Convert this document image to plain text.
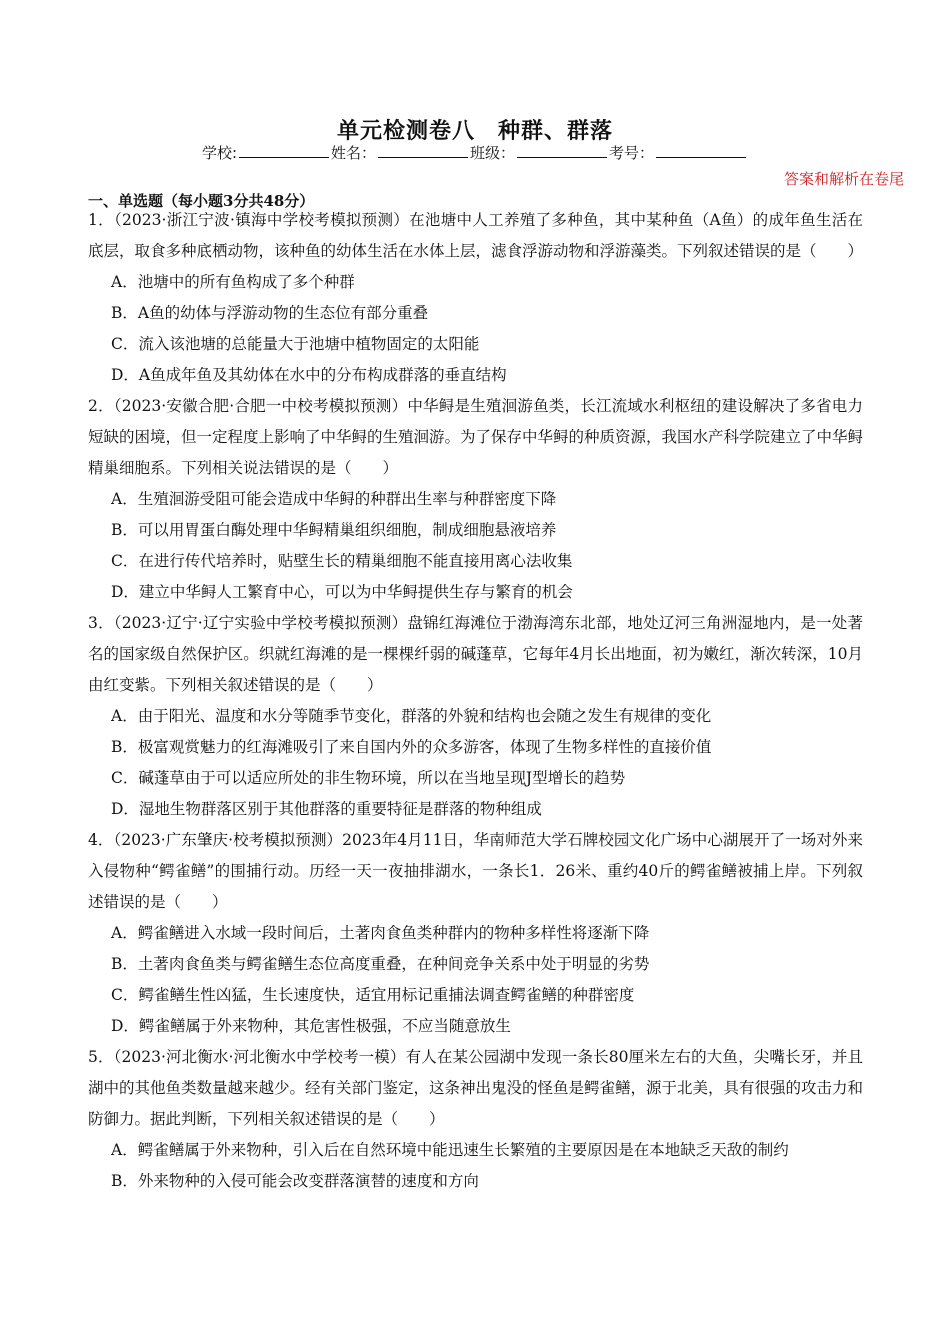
单元检测卷八　种群、群落
学校:	姓名：	班级：	考号：
答案和解析在卷尾
一、单选题（每小题3分共48分）

1．（2023·浙江宁波·镇海中学校考模拟预测）在池塘中人工养殖了多种鱼，其中某种鱼（A鱼）的成年鱼生活在底层，取食多种底栖动物，该种鱼的幼体生活在水体上层，滤食浮游动物和浮游藻类。下列叙述错误的是（　　）

A．池塘中的所有鱼构成了多个种群

B．A鱼的幼体与浮游动物的生态位有部分重叠

C．流入该池塘的总能量大于池塘中植物固定的太阳能

D．A鱼成年鱼及其幼体在水中的分布构成群落的垂直结构

2．（2023·安徽合肥·合肥一中校考模拟预测）中华鲟是生殖洄游鱼类，长江流域水利枢纽的建设解决了多省电力短缺的困境，但一定程度上影响了中华鲟的生殖洄游。为了保存中华鲟的种质资源，我国水产科学院建立了中华鲟精巢细胞系。下列相关说法错误的是（　　）

A．生殖洄游受阻可能会造成中华鲟的种群出生率与种群密度下降

B．可以用胃蛋白酶处理中华鲟精巢组织细胞，制成细胞悬液培养

C．在进行传代培养时，贴壁生长的精巢细胞不能直接用离心法收集

D．建立中华鲟人工繁育中心，可以为中华鲟提供生存与繁育的机会

3．（2023·辽宁·辽宁实验中学校考模拟预测）盘锦红海滩位于渤海湾东北部，地处辽河三角洲湿地内，是一处著名的国家级自然保护区。织就红海滩的是一棵棵纤弱的碱蓬草，它每年4月长出地面，初为嫩红，渐次转深，10月由红变紫。下列相关叙述错误的是（　　）

A．由于阳光、温度和水分等随季节变化，群落的外貌和结构也会随之发生有规律的变化

B．极富观赏魅力的红海滩吸引了来自国内外的众多游客，体现了生物多样性的直接价值

C．碱蓬草由于可以适应所处的非生物环境，所以在当地呈现J型增长的趋势

D．湿地生物群落区别于其他群落的重要特征是群落的物种组成

4．（2023·广东肇庆·校考模拟预测）2023年4月11日，华南师范大学石牌校园文化广场中心湖展开了一场对外来入侵物种“鳄雀鳝”的围捕行动。历经一天一夜抽排湖水，一条长1．26米、重约40斤的鳄雀鳝被捕上岸。下列叙述错误的是（　　）

A．鳄雀鳝进入水域一段时间后，土著肉食鱼类种群内的物种多样性将逐渐下降

B．土著肉食鱼类与鳄雀鳝生态位高度重叠，在种间竞争关系中处于明显的劣势

C．鳄雀鳝生性凶猛，生长速度快，适宜用标记重捕法调查鳄雀鳝的种群密度

D．鳄雀鳝属于外来物种，其危害性极强，不应当随意放生

5．（2023·河北衡水·河北衡水中学校考一模）有人在某公园湖中发现一条长80厘米左右的大鱼，尖嘴长牙，并且湖中的其他鱼类数量越来越少。经有关部门鉴定，这条神出鬼没的怪鱼是鳄雀鳝，源于北美，具有很强的攻击力和防御力。据此判断，下列相关叙述错误的是（　　）

A．鳄雀鳝属于外来物种，引入后在自然环境中能迅速生长繁殖的主要原因是在本地缺乏天敌的制约

B．外来物种的入侵可能会改变群落演替的速度和方向
